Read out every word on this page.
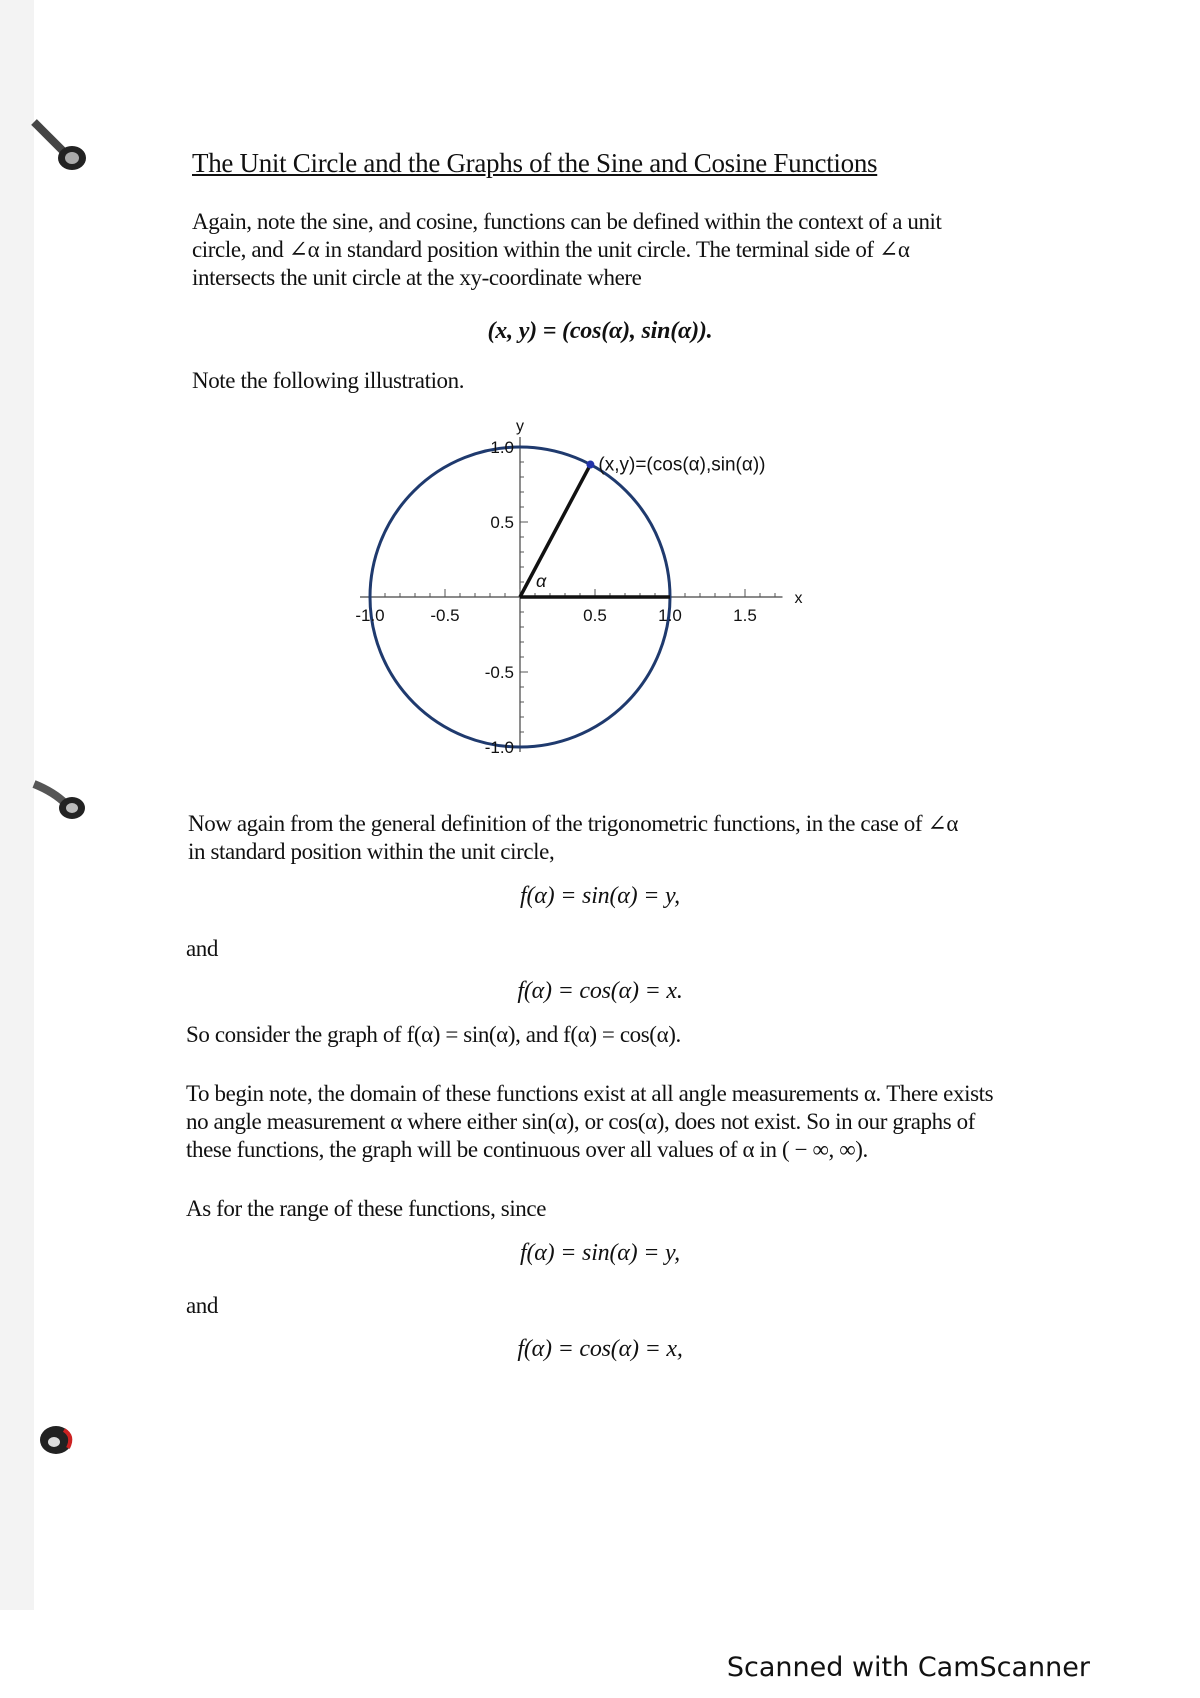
The Unit Circle and the Graphs of the Sine and Cosine Functions
Again, note the sine, and cosine, functions can be defined within the context of a unit circle, and ∠α in standard position within the unit circle. The terminal side of ∠α intersects the unit circle at the xy-coordinate where
(x, y) = (cos(α), sin(α)).
Note the following illustration.
-1.0	-0.5	0.5	1.0	1.5
1.0
0.5
-0.5
-1.0
x
y
α
(x,y)=(cos(α),sin(α))
Now again from the general definition of the trigonometric functions, in the case of ∠α in standard position within the unit circle,
f(α) = sin(α) = y,
and
f(α) = cos(α) = x.
So consider the graph of f(α) = sin(α), and f(α) = cos(α).
To begin note, the domain of these functions exist at all angle measurements α. There exists no angle measurement α where either sin(α), or cos(α), does not exist. So in our graphs of these functions, the graph will be continuous over all values of α in ( − ∞, ∞).
As for the range of these functions, since
f(α) = sin(α) = y,
and
f(α) = cos(α) = x,
Scanned with CamScanner
